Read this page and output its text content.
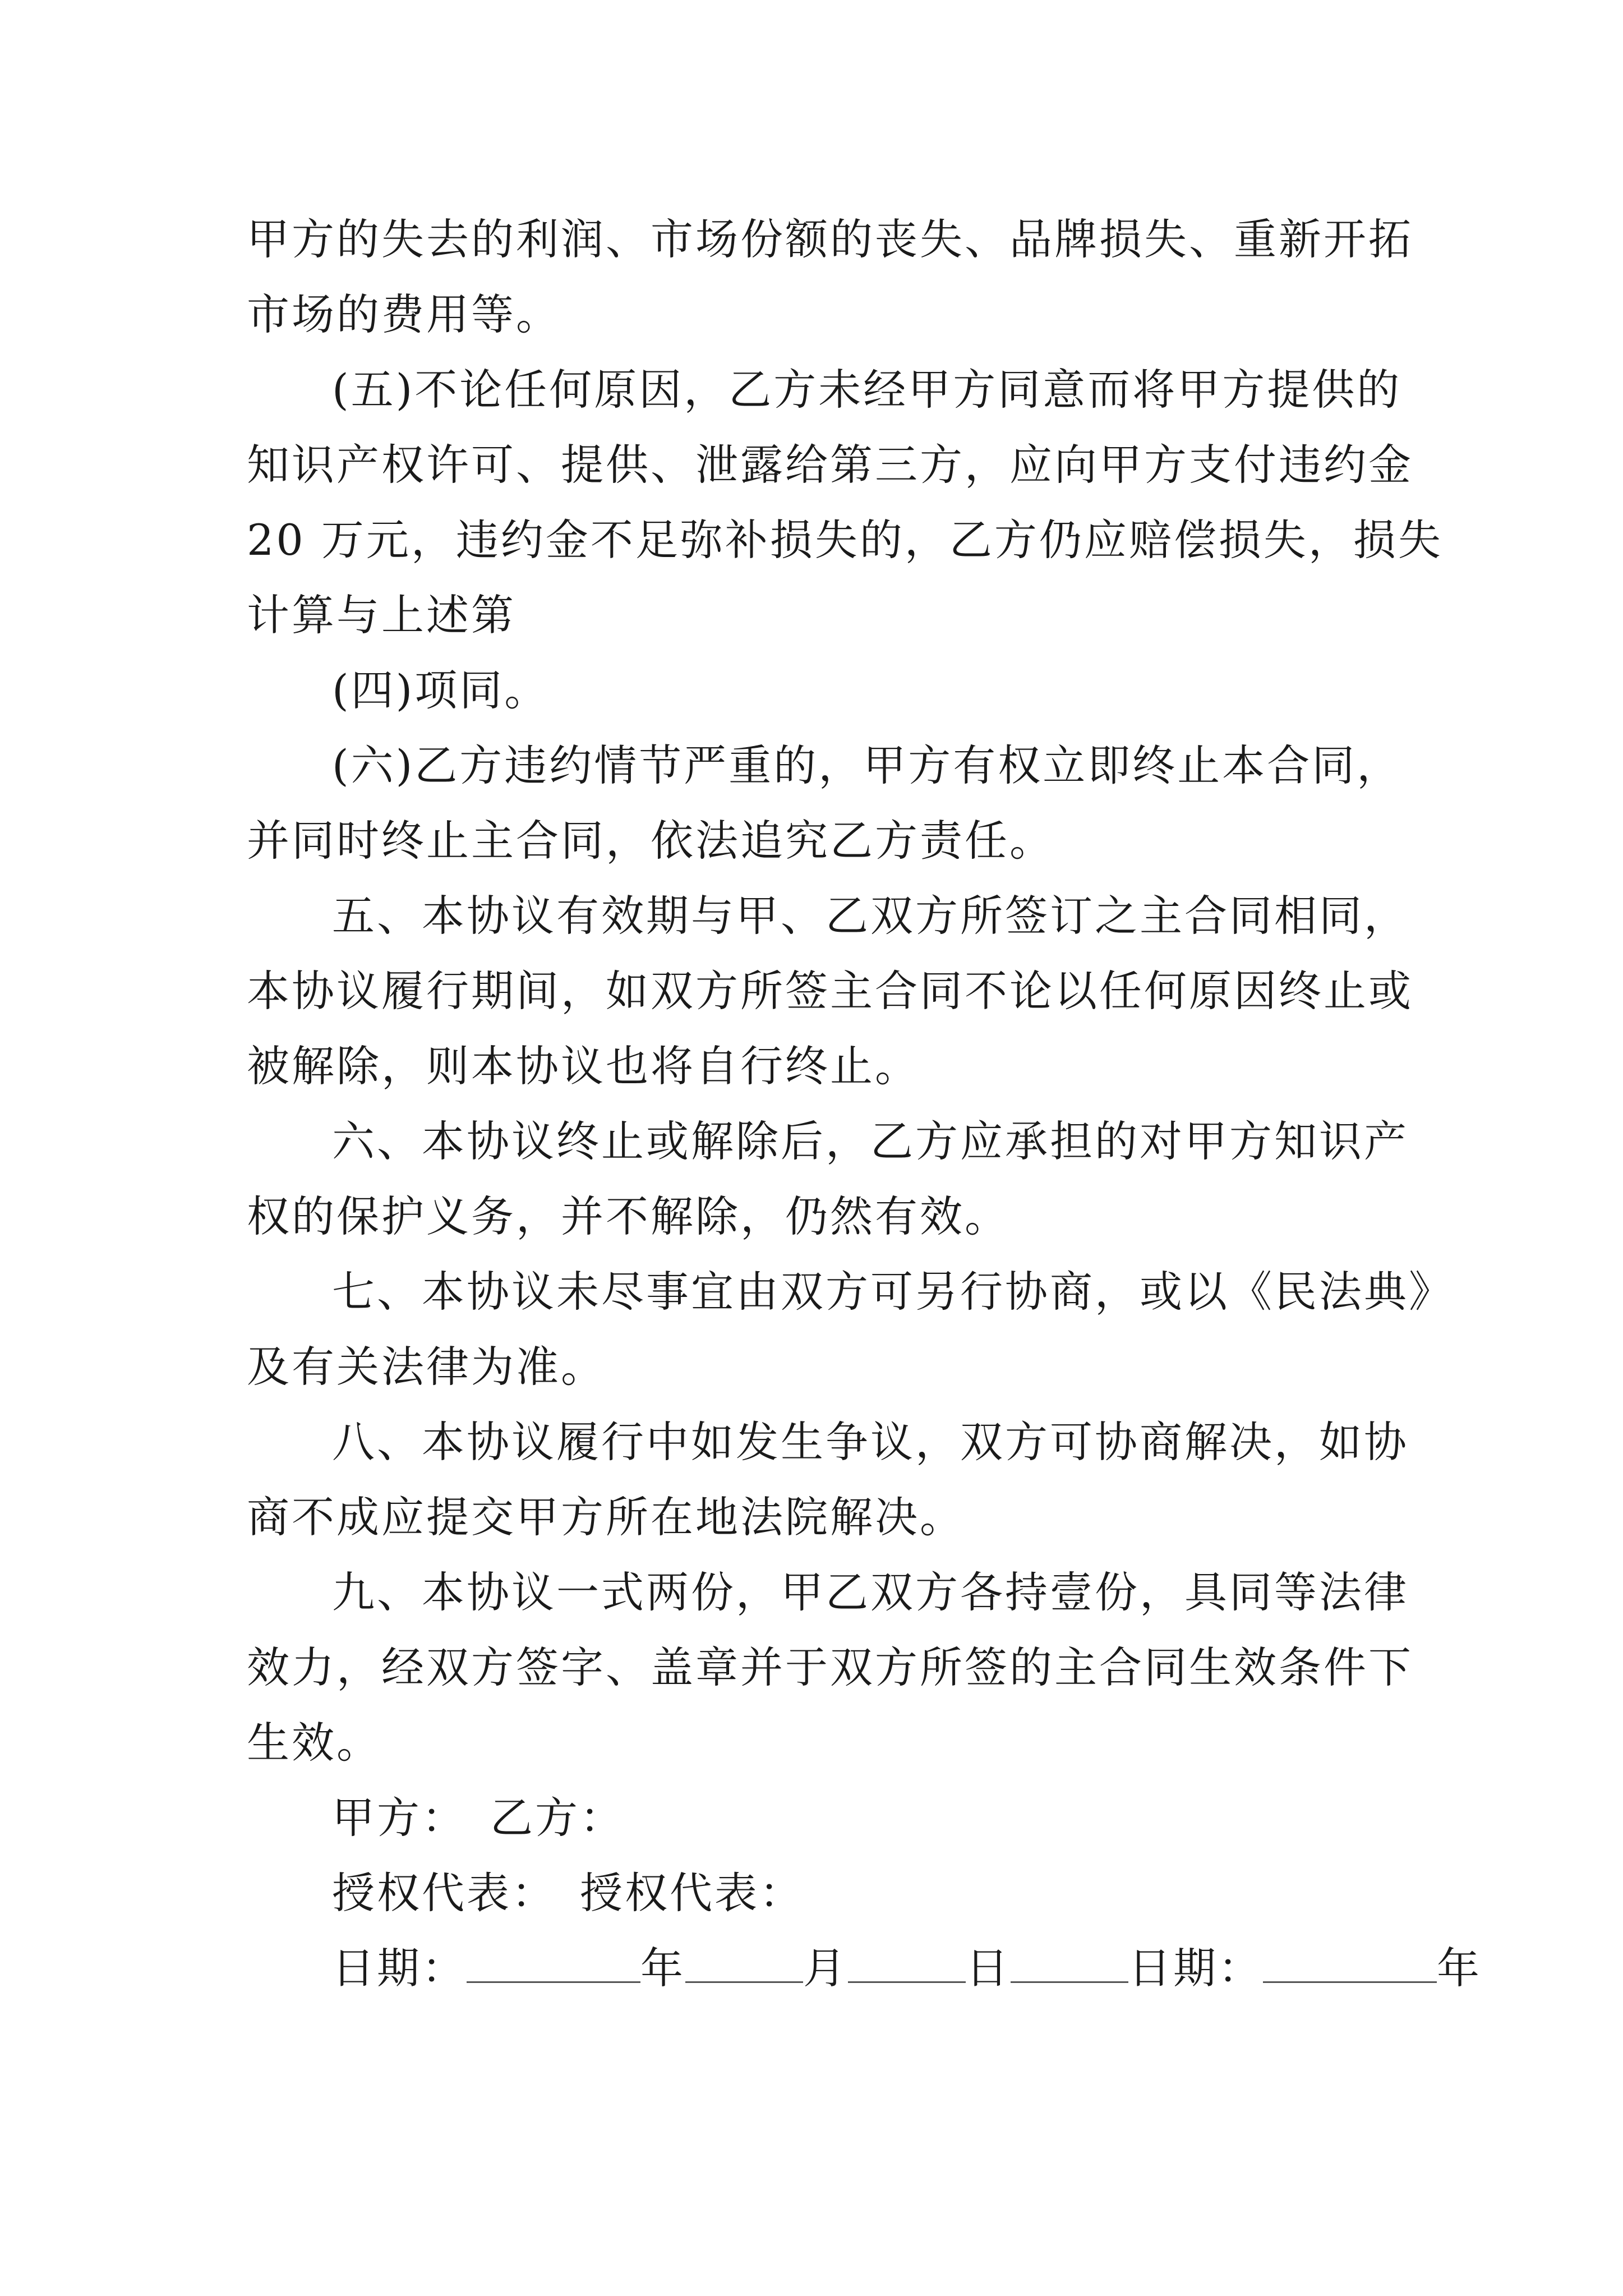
甲方的失去的利润、市场份额的丧失、品牌损失、重新开拓
市场的费用等。

(五)不论任何原因，乙方未经甲方同意而将甲方提供的
知识产权许可、提供、泄露给第三方，应向甲方支付违约金
20 万元，违约金不足弥补损失的，乙方仍应赔偿损失，损失
计算与上述第

(四)项同。

(六)乙方违约情节严重的，甲方有权立即终止本合同，
并同时终止主合同，依法追究乙方责任。

五、本协议有效期与甲、乙双方所签订之主合同相同，
本协议履行期间，如双方所签主合同不论以任何原因终止或
被解除，则本协议也将自行终止。

六、本协议终止或解除后，乙方应承担的对甲方知识产
权的保护义务，并不解除，仍然有效。

七、本协议未尽事宜由双方可另行协商，或以《民法典》
及有关法律为准。

八、本协议履行中如发生争议，双方可协商解决，如协
商不成应提交甲方所在地法院解决。

九、本协议一式两份，甲乙双方各持壹份，具同等法律
效力，经双方签字、盖章并于双方所签的主合同生效条件下
生效。

甲方：　乙方：
授权代表：　授权代表：
日期：	年	月	日	日期：	年
